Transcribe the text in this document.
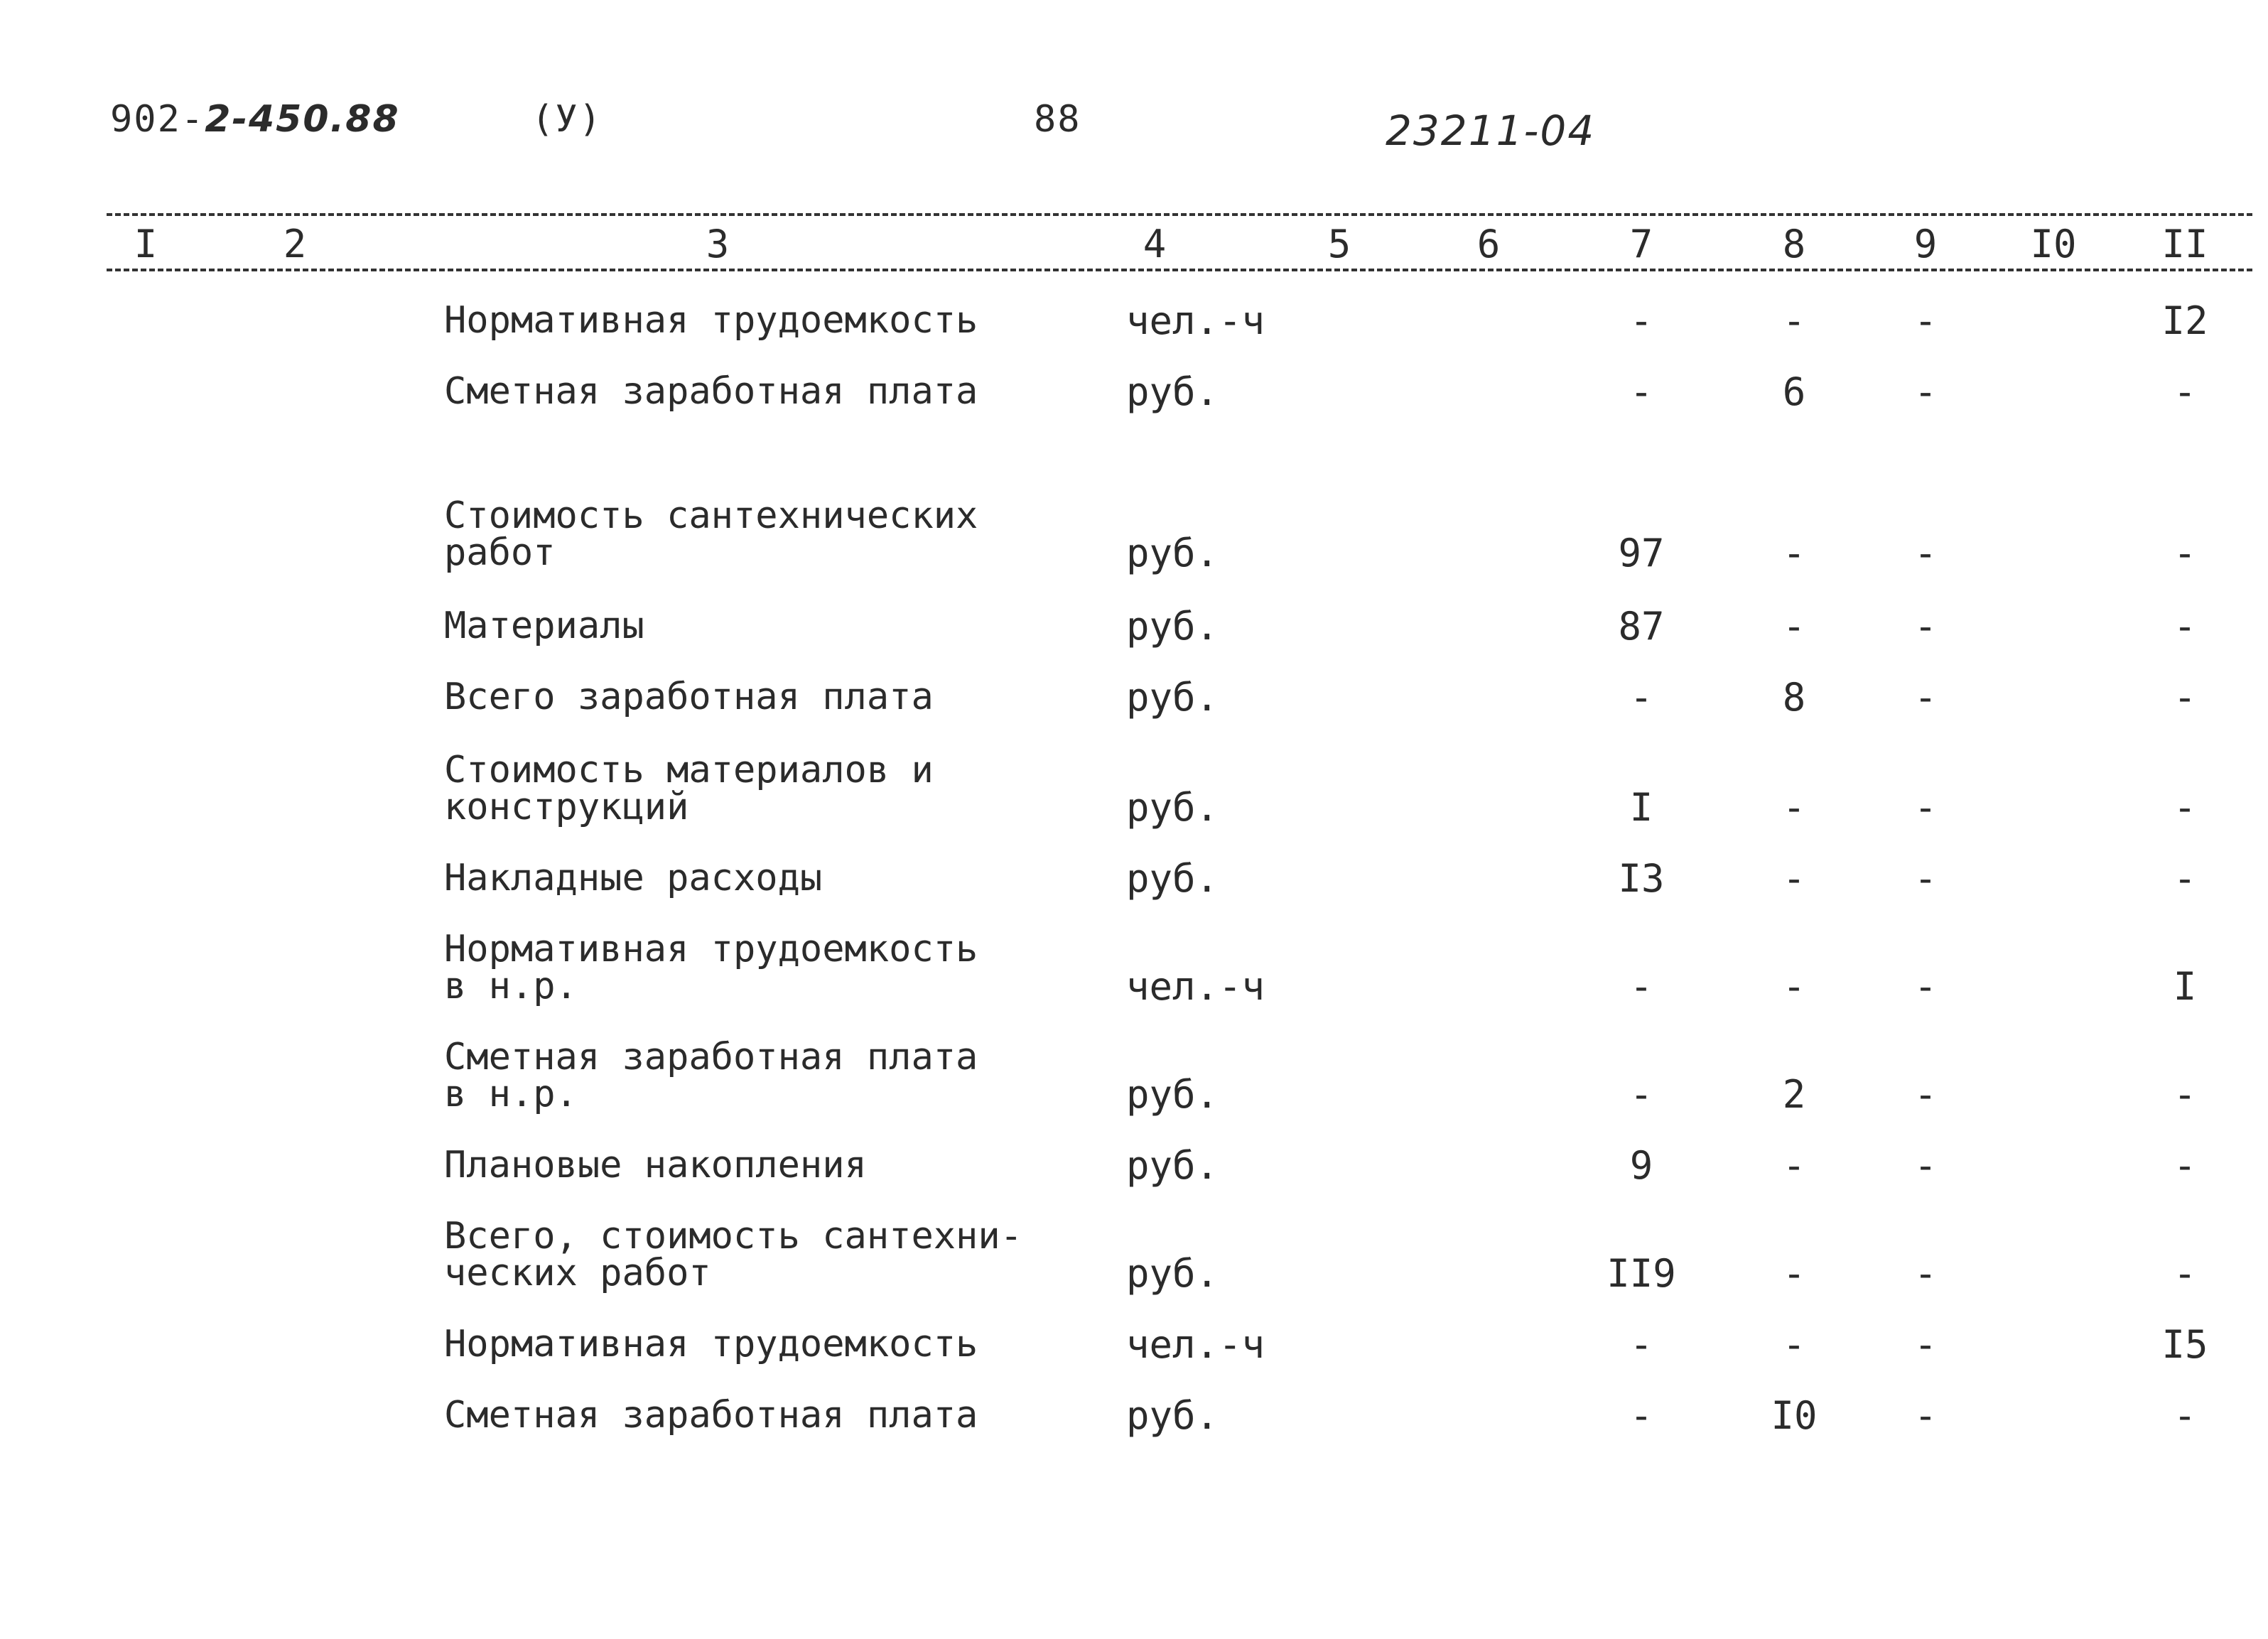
902-2-450.88	(У)	88	23211-04
I	2	3	4	5	6	7	8	9	I0 II
Нормативная трудоемкость	чел.-ч	-	-	-	I2
Сметная заработная плата	руб.	-	6	-	-
Стоимость сантехнических
работ	руб.	97	-	-	-
Материалы	руб.	87	-	-	-
Всего заработная плата	руб.	-	8	-	-
Стоимость материалов и
конструкций	руб.	I	-	-	-
Накладные расходы	руб.	I3	-	-	-
Нормативная трудоемкость
в н.р.	чел.-ч	-	-	-	I
Сметная заработная плата
в н.р.	руб.	-	2	-	-
Плановые накопления	руб.	9	-	-	-
Всего, стоимость сантехни-
ческих работ	руб.	II9	-	-	-
Нормативная трудоемкость	чел.-ч	-	-	-	I5
Сметная заработная плата	руб.	-	I0	-	-
